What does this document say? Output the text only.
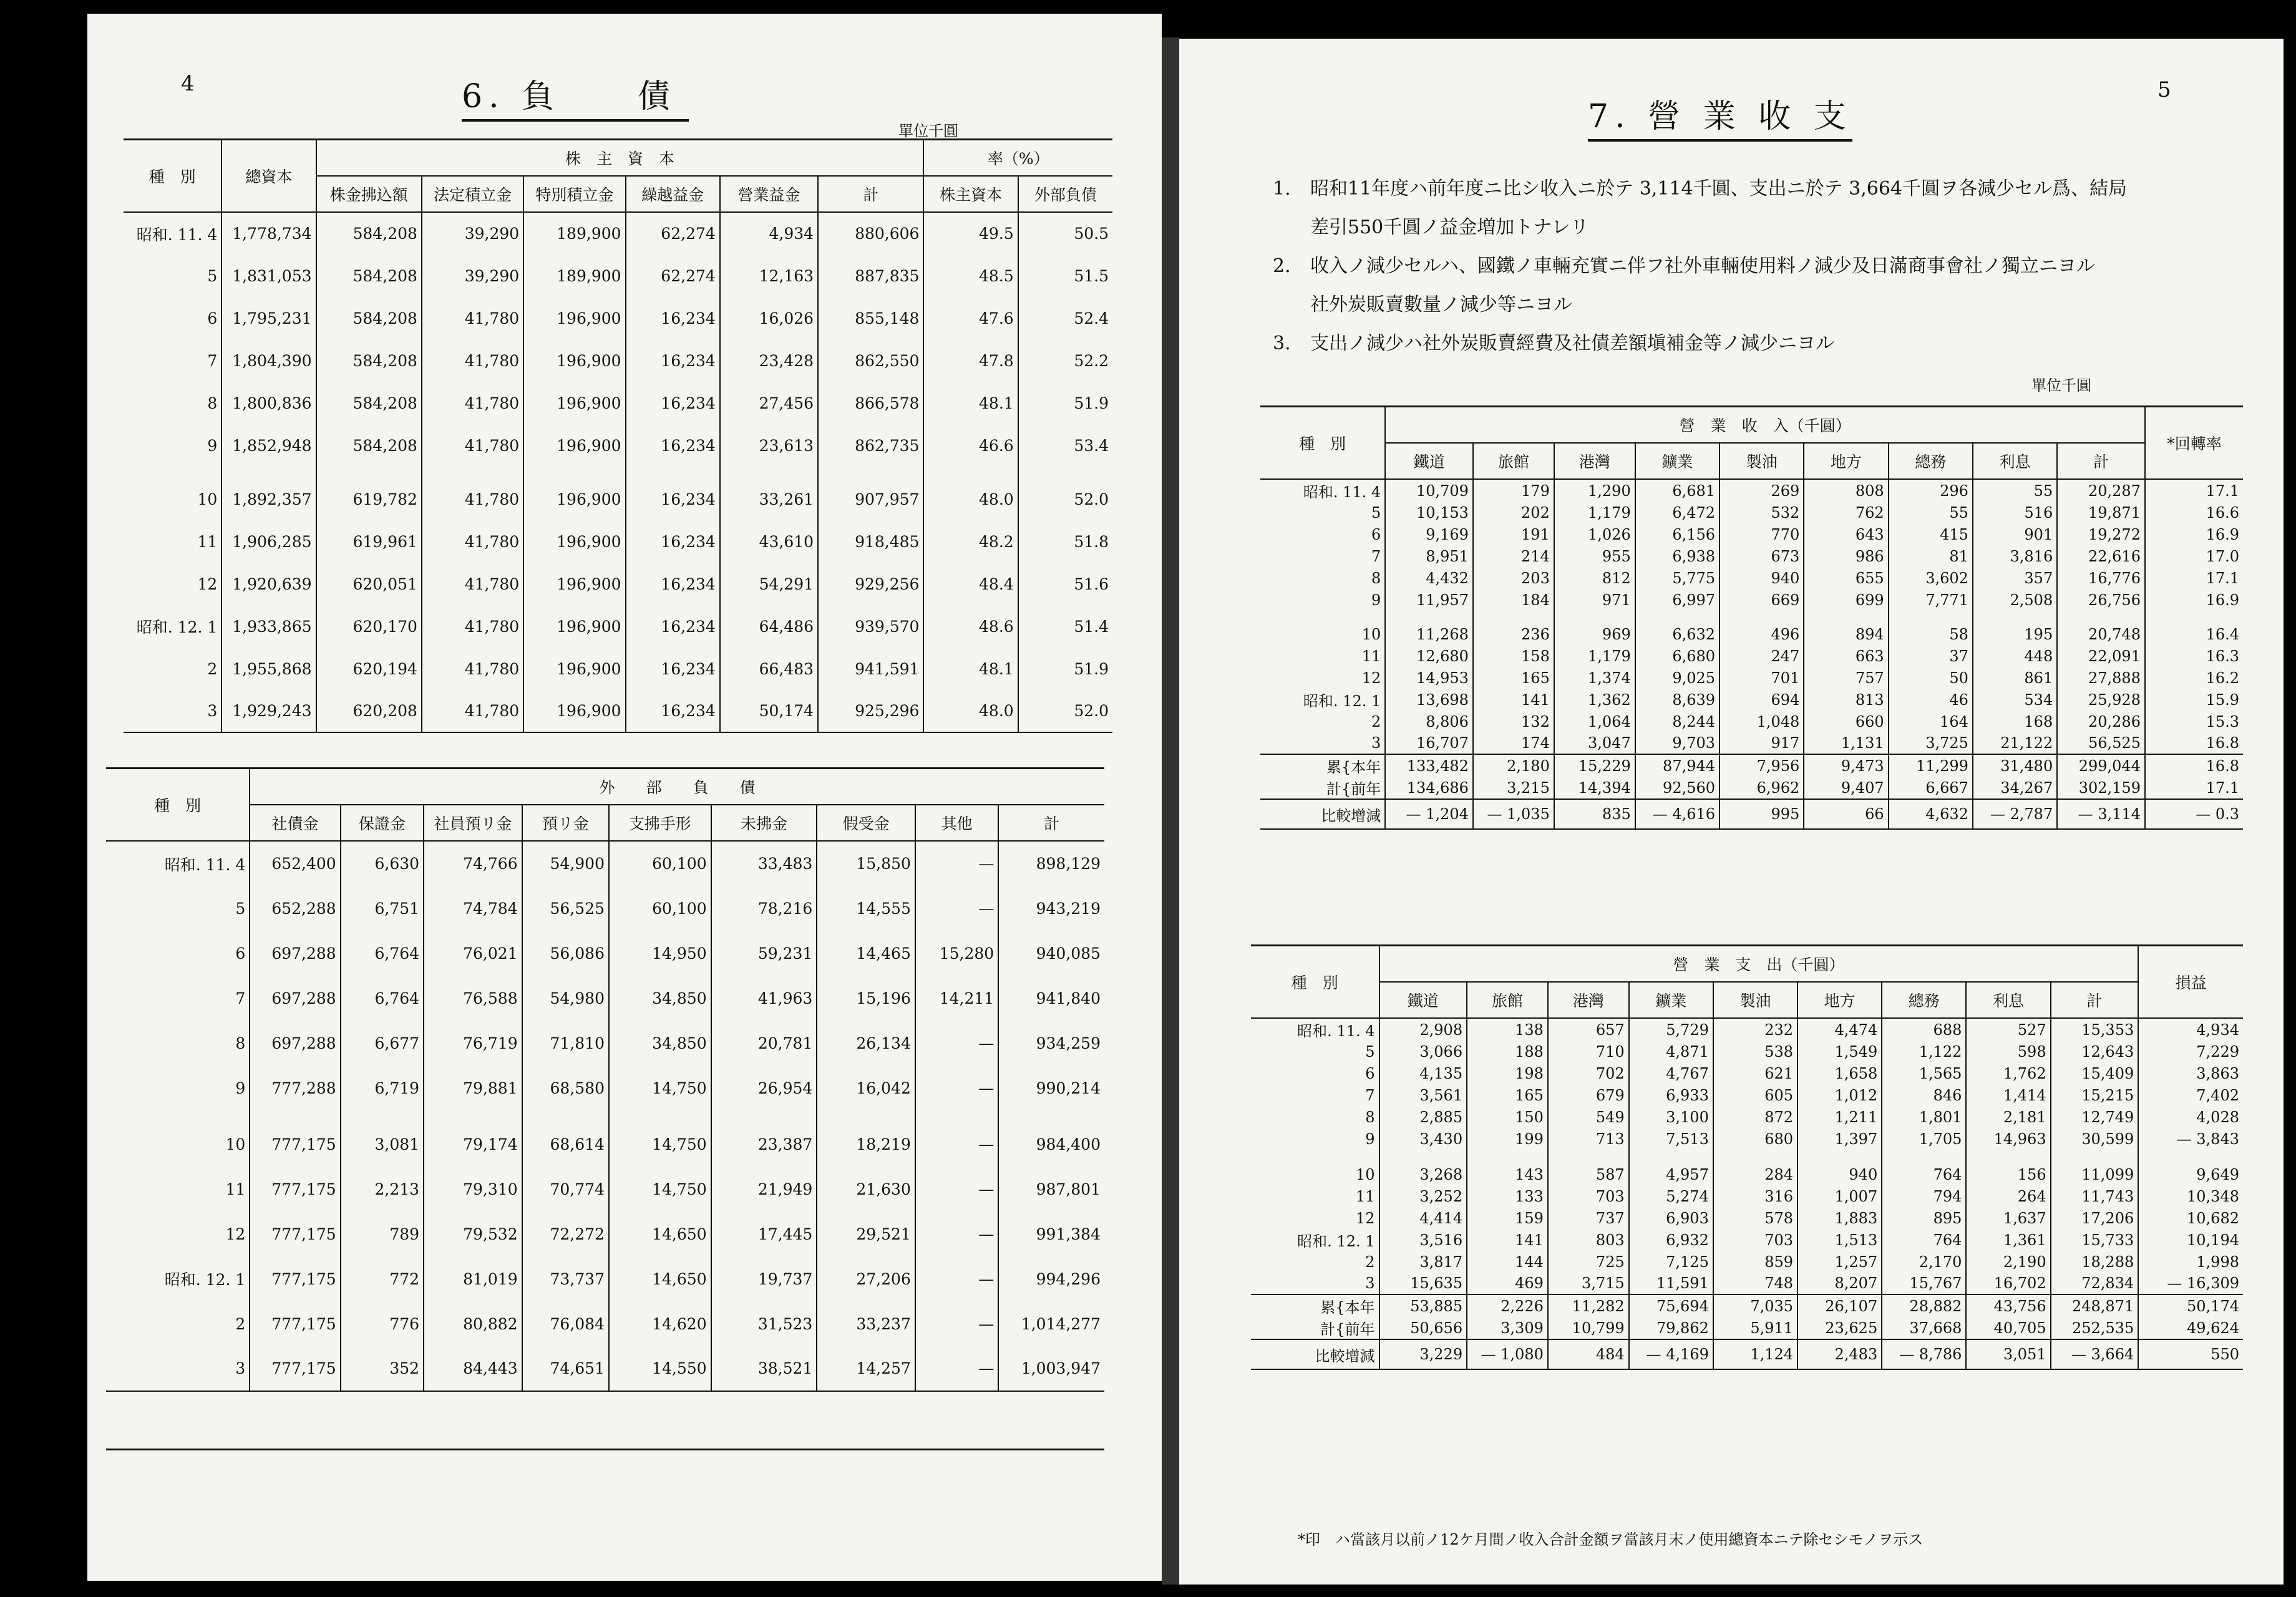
4	6. 負　　債
單位千圓
種　別	總資本	株　主　資　本						率（%）	
		株金拂込額	法定積立金	特別積立金	繰越益金	營業益金	計	株主資本	外部負債
昭和. 11. 4	1,778,734	584,208	39,290	189,900	62,274	4,934	880,606	49.5	50.5
5	1,831,053	584,208	39,290	189,900	62,274	12,163	887,835	48.5	51.5
6	1,795,231	584,208	41,780	196,900	16,234	16,026	855,148	47.6	52.4
7	1,804,390	584,208	41,780	196,900	16,234	23,428	862,550	47.8	52.2
8	1,800,836	584,208	41,780	196,900	16,234	27,456	866,578	48.1	51.9
9	1,852,948	584,208	41,780	196,900	16,234	23,613	862,735	46.6	53.4

10	1,892,357	619,782	41,780	196,900	16,234	33,261	907,957	48.0	52.0
11	1,906,285	619,961	41,780	196,900	16,234	43,610	918,485	48.2	51.8
12	1,920,639	620,051	41,780	196,900	16,234	54,291	929,256	48.4	51.6
昭和. 12. 1	1,933,865	620,170	41,780	196,900	16,234	64,486	939,570	48.6	51.4
2	1,955,868	620,194	41,780	196,900	16,234	66,483	941,591	48.1	51.9
3	1,929,243	620,208	41,780	196,900	16,234	50,174	925,296	48.0	52.0
種　別	外　　部　　負　　債								
	社債金	保證金	社員預リ金	預リ金	支拂手形	未拂金	假受金	其他	計
昭和. 11. 4	652,400	6,630	74,766	54,900	60,100	33,483	15,850	—	898,129
5	652,288	6,751	74,784	56,525	60,100	78,216	14,555	—	943,219
6	697,288	6,764	76,021	56,086	14,950	59,231	14,465	15,280	940,085
7	697,288	6,764	76,588	54,980	34,850	41,963	15,196	14,211	941,840
8	697,288	6,677	76,719	71,810	34,850	20,781	26,134	—	934,259
9	777,288	6,719	79,881	68,580	14,750	26,954	16,042	—	990,214

10	777,175	3,081	79,174	68,614	14,750	23,387	18,219	—	984,400
11	777,175	2,213	79,310	70,774	14,750	21,949	21,630	—	987,801
12	777,175	789	79,532	72,272	14,650	17,445	29,521	—	991,384
昭和. 12. 1	777,175	772	81,019	73,737	14,650	19,737	27,206	—	994,296
2	777,175	776	80,882	76,084	14,620	31,523	33,237	—	1,014,277
3	777,175	352	84,443	74,651	14,550	38,521	14,257	—	1,003,947
5
7. 營 業 收 支
1. 昭和11年度ハ前年度ニ比シ收入ニ於テ 3,114千圓、支出ニ於テ 3,664千圓ヲ各減少セル爲、結局
差引550千圓ノ益金増加トナレリ
2. 收入ノ減少セルハ、國鐵ノ車輛充實ニ伴フ社外車輛使用料ノ減少及日滿商事會社ノ獨立ニヨル
社外炭販賣數量ノ減少等ニヨル
3. 支出ノ減少ハ社外炭販賣經費及社債差額塡補金等ノ減少ニヨル
單位千圓
種　別	營　業　收　入（千圓）									*回轉率
	鐵道	旅館	港灣	鑛業	製油	地方	總務	利息	計	
昭和. 11. 4	10,709	179	1,290	6,681	269	808	296	55	20,287	17.1
5	10,153	202	1,179	6,472	532	762	55	516	19,871	16.6
6	9,169	191	1,026	6,156	770	643	415	901	19,272	16.9
7	8,951	214	955	6,938	673	986	81	3,816	22,616	17.0
8	4,432	203	812	5,775	940	655	3,602	357	16,776	17.1
9	11,957	184	971	6,997	669	699	7,771	2,508	26,756	16.9

10	11,268	236	969	6,632	496	894	58	195	20,748	16.4
11	12,680	158	1,179	6,680	247	663	37	448	22,091	16.3
12	14,953	165	1,374	9,025	701	757	50	861	27,888	16.2
昭和. 12. 1	13,698	141	1,362	8,639	694	813	46	534	25,928	15.9
2	8,806	132	1,064	8,244	1,048	660	164	168	20,286	15.3
3	16,707	174	3,047	9,703	917	1,131	3,725	21,122	56,525	16.8
累{本年	133,482	2,180	15,229	87,944	7,956	9,473	11,299	31,480	299,044	16.8
計{前年	134,686	3,215	14,394	92,560	6,962	9,407	6,667	34,267	302,159	17.1
比較增減	— 1,204	— 1,035	835	— 4,616	995	66	4,632	— 2,787	— 3,114	— 0.3
種　別	營　業　支　出（千圓）									損益
	鐵道	旅館	港灣	鑛業	製油	地方	總務	利息	計	
昭和. 11. 4	2,908	138	657	5,729	232	4,474	688	527	15,353	4,934
5	3,066	188	710	4,871	538	1,549	1,122	598	12,643	7,229
6	4,135	198	702	4,767	621	1,658	1,565	1,762	15,409	3,863
7	3,561	165	679	6,933	605	1,012	846	1,414	15,215	7,402
8	2,885	150	549	3,100	872	1,211	1,801	2,181	12,749	4,028
9	3,430	199	713	7,513	680	1,397	1,705	14,963	30,599	— 3,843

10	3,268	143	587	4,957	284	940	764	156	11,099	9,649
11	3,252	133	703	5,274	316	1,007	794	264	11,743	10,348
12	4,414	159	737	6,903	578	1,883	895	1,637	17,206	10,682
昭和. 12. 1	3,516	141	803	6,932	703	1,513	764	1,361	15,733	10,194
2	3,817	144	725	7,125	859	1,257	2,170	2,190	18,288	1,998
3	15,635	469	3,715	11,591	748	8,207	15,767	16,702	72,834	— 16,309
累{本年	53,885	2,226	11,282	75,694	7,035	26,107	28,882	43,756	248,871	50,174
計{前年	50,656	3,309	10,799	79,862	5,911	23,625	37,668	40,705	252,535	49,624
比較增減	3,229	— 1,080	484	— 4,169	1,124	2,483	— 8,786	3,051	— 3,664	550
*印　ハ當該月以前ノ12ケ月間ノ收入合計金額ヲ當該月末ノ使用總資本ニテ除セシモノヲ示ス
